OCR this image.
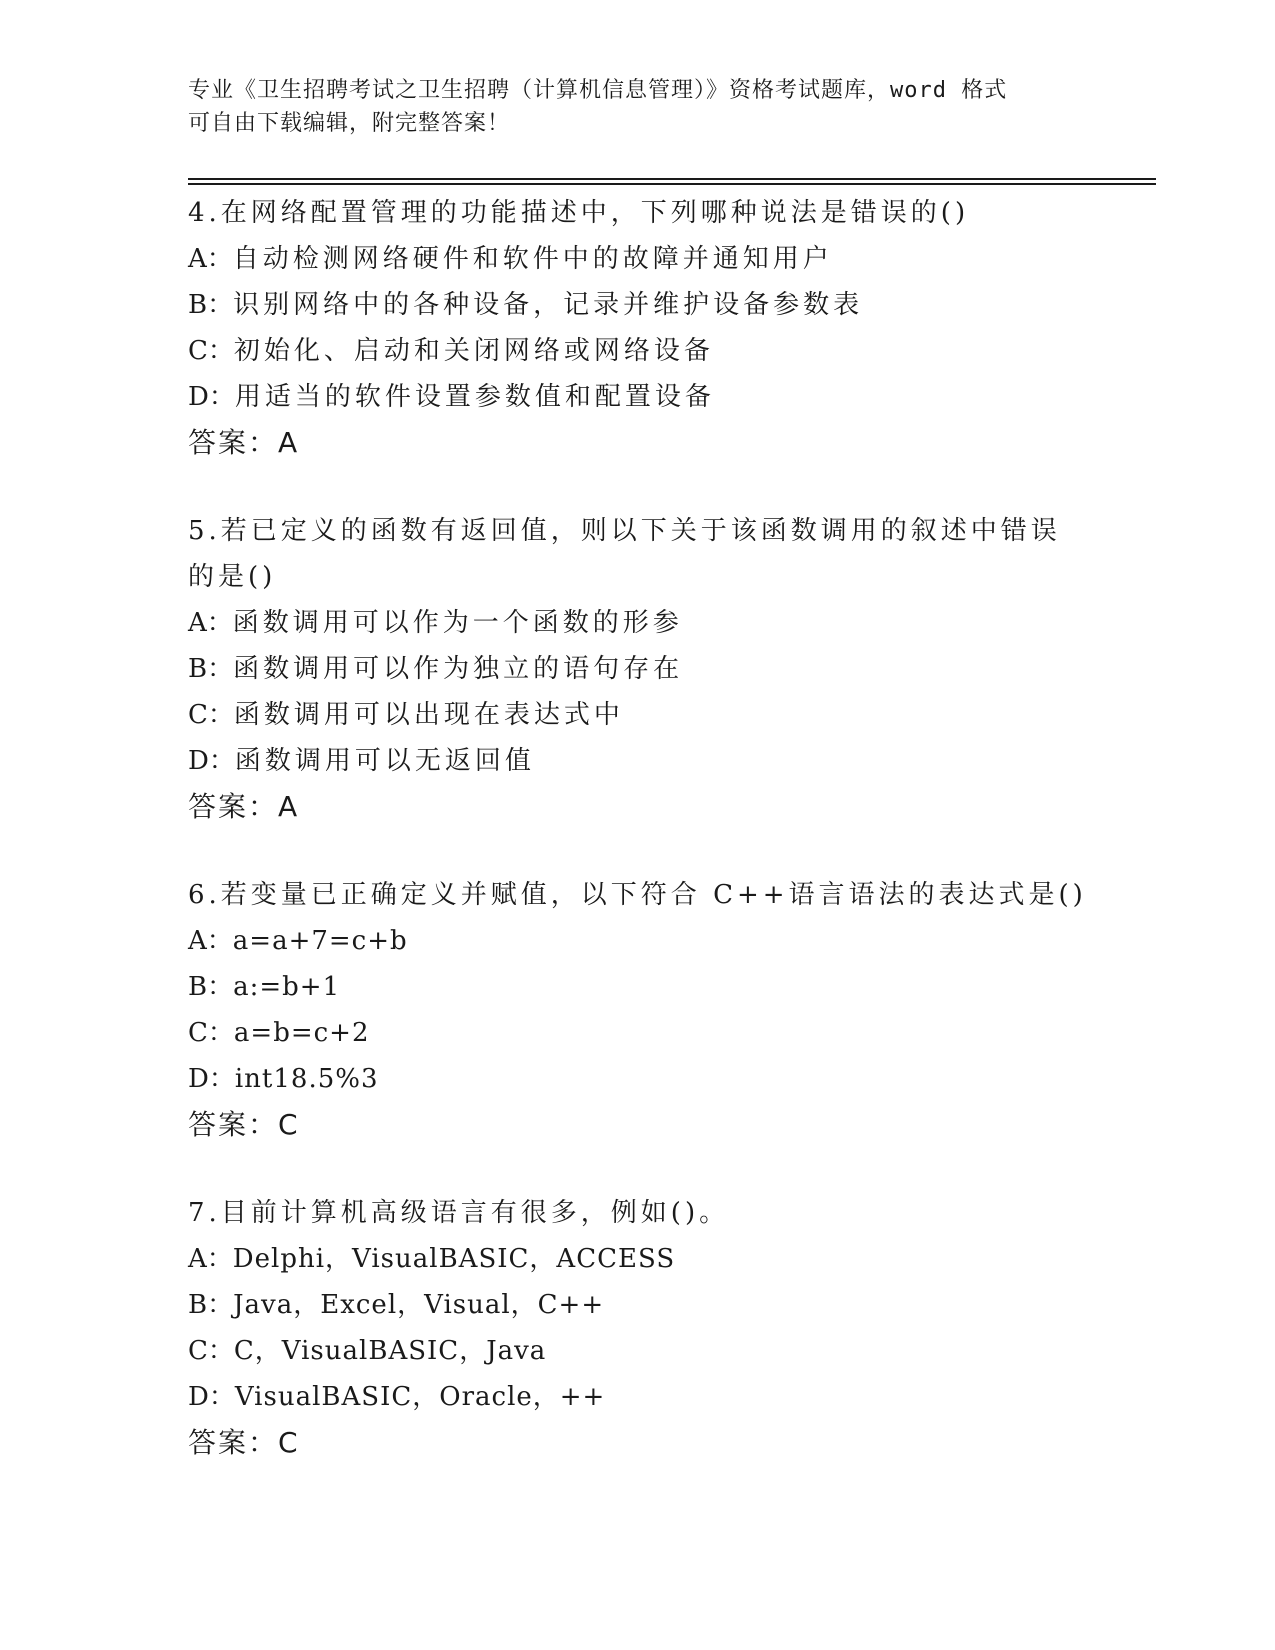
专业《卫生招聘考试之卫生招聘（计算机信息管理）》资格考试题库，word 格式
可自由下载编辑，附完整答案！

4.在网络配置管理的功能描述中，下列哪种说法是错误的()

A：自动检测网络硬件和软件中的故障并通知用户

B：识别网络中的各种设备，记录并维护设备参数表

C：初始化、启动和关闭网络或网络设备

D：用适当的软件设置参数值和配置设备

答案：A

5.若已定义的函数有返回值，则以下关于该函数调用的叙述中错误的是()

A：函数调用可以作为一个函数的形参

B：函数调用可以作为独立的语句存在

C：函数调用可以出现在表达式中

D：函数调用可以无返回值

答案：A

6.若变量已正确定义并赋值，以下符合 C++语言语法的表达式是()

A：a=a+7=c+b

B：a:=b+1

C：a=b=c+2

D：int18.5%3

答案：C

7.目前计算机高级语言有很多，例如()。

A：Delphi，VisualBASIC，ACCESS

B：Java，Excel，Visual，C++

C：C，VisualBASIC，Java

D：VisualBASIC，Oracle，++

答案：C
